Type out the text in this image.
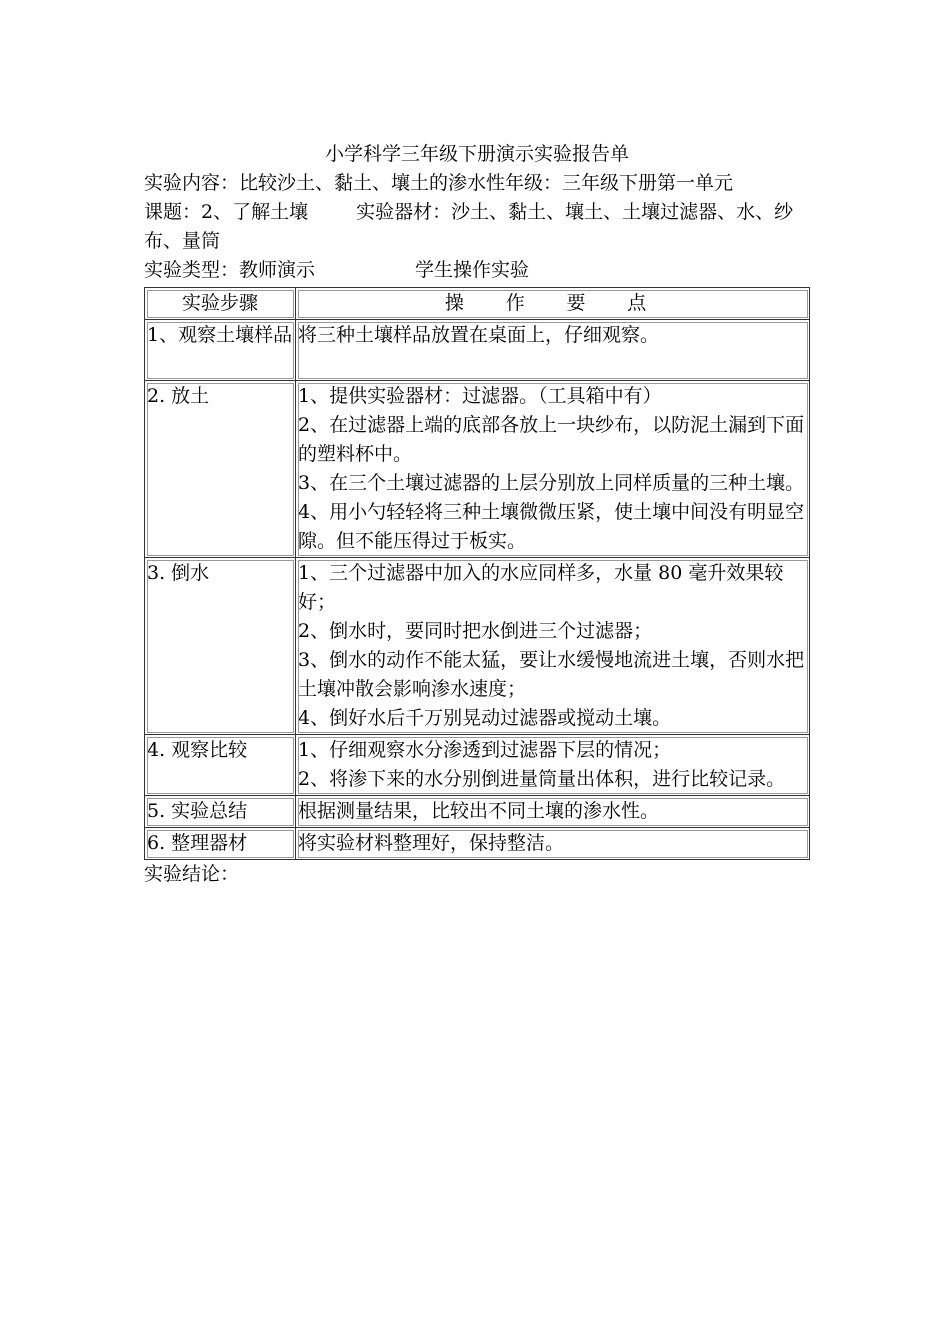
小学科学三年级下册演示实验报告单

实验内容：比较沙土、黏土、壤土的渗水性年级：三年级下册第一单元

课题：2、了解土壤	实验器材：沙土、黏土、壤土、土壤过滤器、水、纱布、量筒

实验类型：教师演示	学生操作实验

实验步骤	操作要点
1、观察土壤样品	将三种土壤样品放置在桌面上，仔细观察。

2. 放土	1、提供实验器材：过滤器。（工具箱中有）

2、在过滤器上端的底部各放上一块纱布，以防泥土漏到下面的塑料杯中。

3、在三个土壤过滤器的上层分别放上同样质量的三种土壤。

4、用小勺轻轻将三种土壤微微压紧，使土壤中间没有明显空隙。但不能压得过于板实。

3. 倒水	1、三个过滤器中加入的水应同样多，水量 80 毫升效果较好；

2、倒水时，要同时把水倒进三个过滤器；

3、倒水的动作不能太猛，要让水缓慢地流进土壤，否则水把土壤冲散会影响渗水速度；

4、倒好水后千万别晃动过滤器或搅动土壤。

4. 观察比较	1、仔细观察水分渗透到过滤器下层的情况；

2、将渗下来的水分别倒进量筒量出体积，进行比较记录。

5. 实验总结	根据测量结果，比较出不同土壤的渗水性。

6. 整理器材	将实验材料整理好，保持整洁。

实验结论：
